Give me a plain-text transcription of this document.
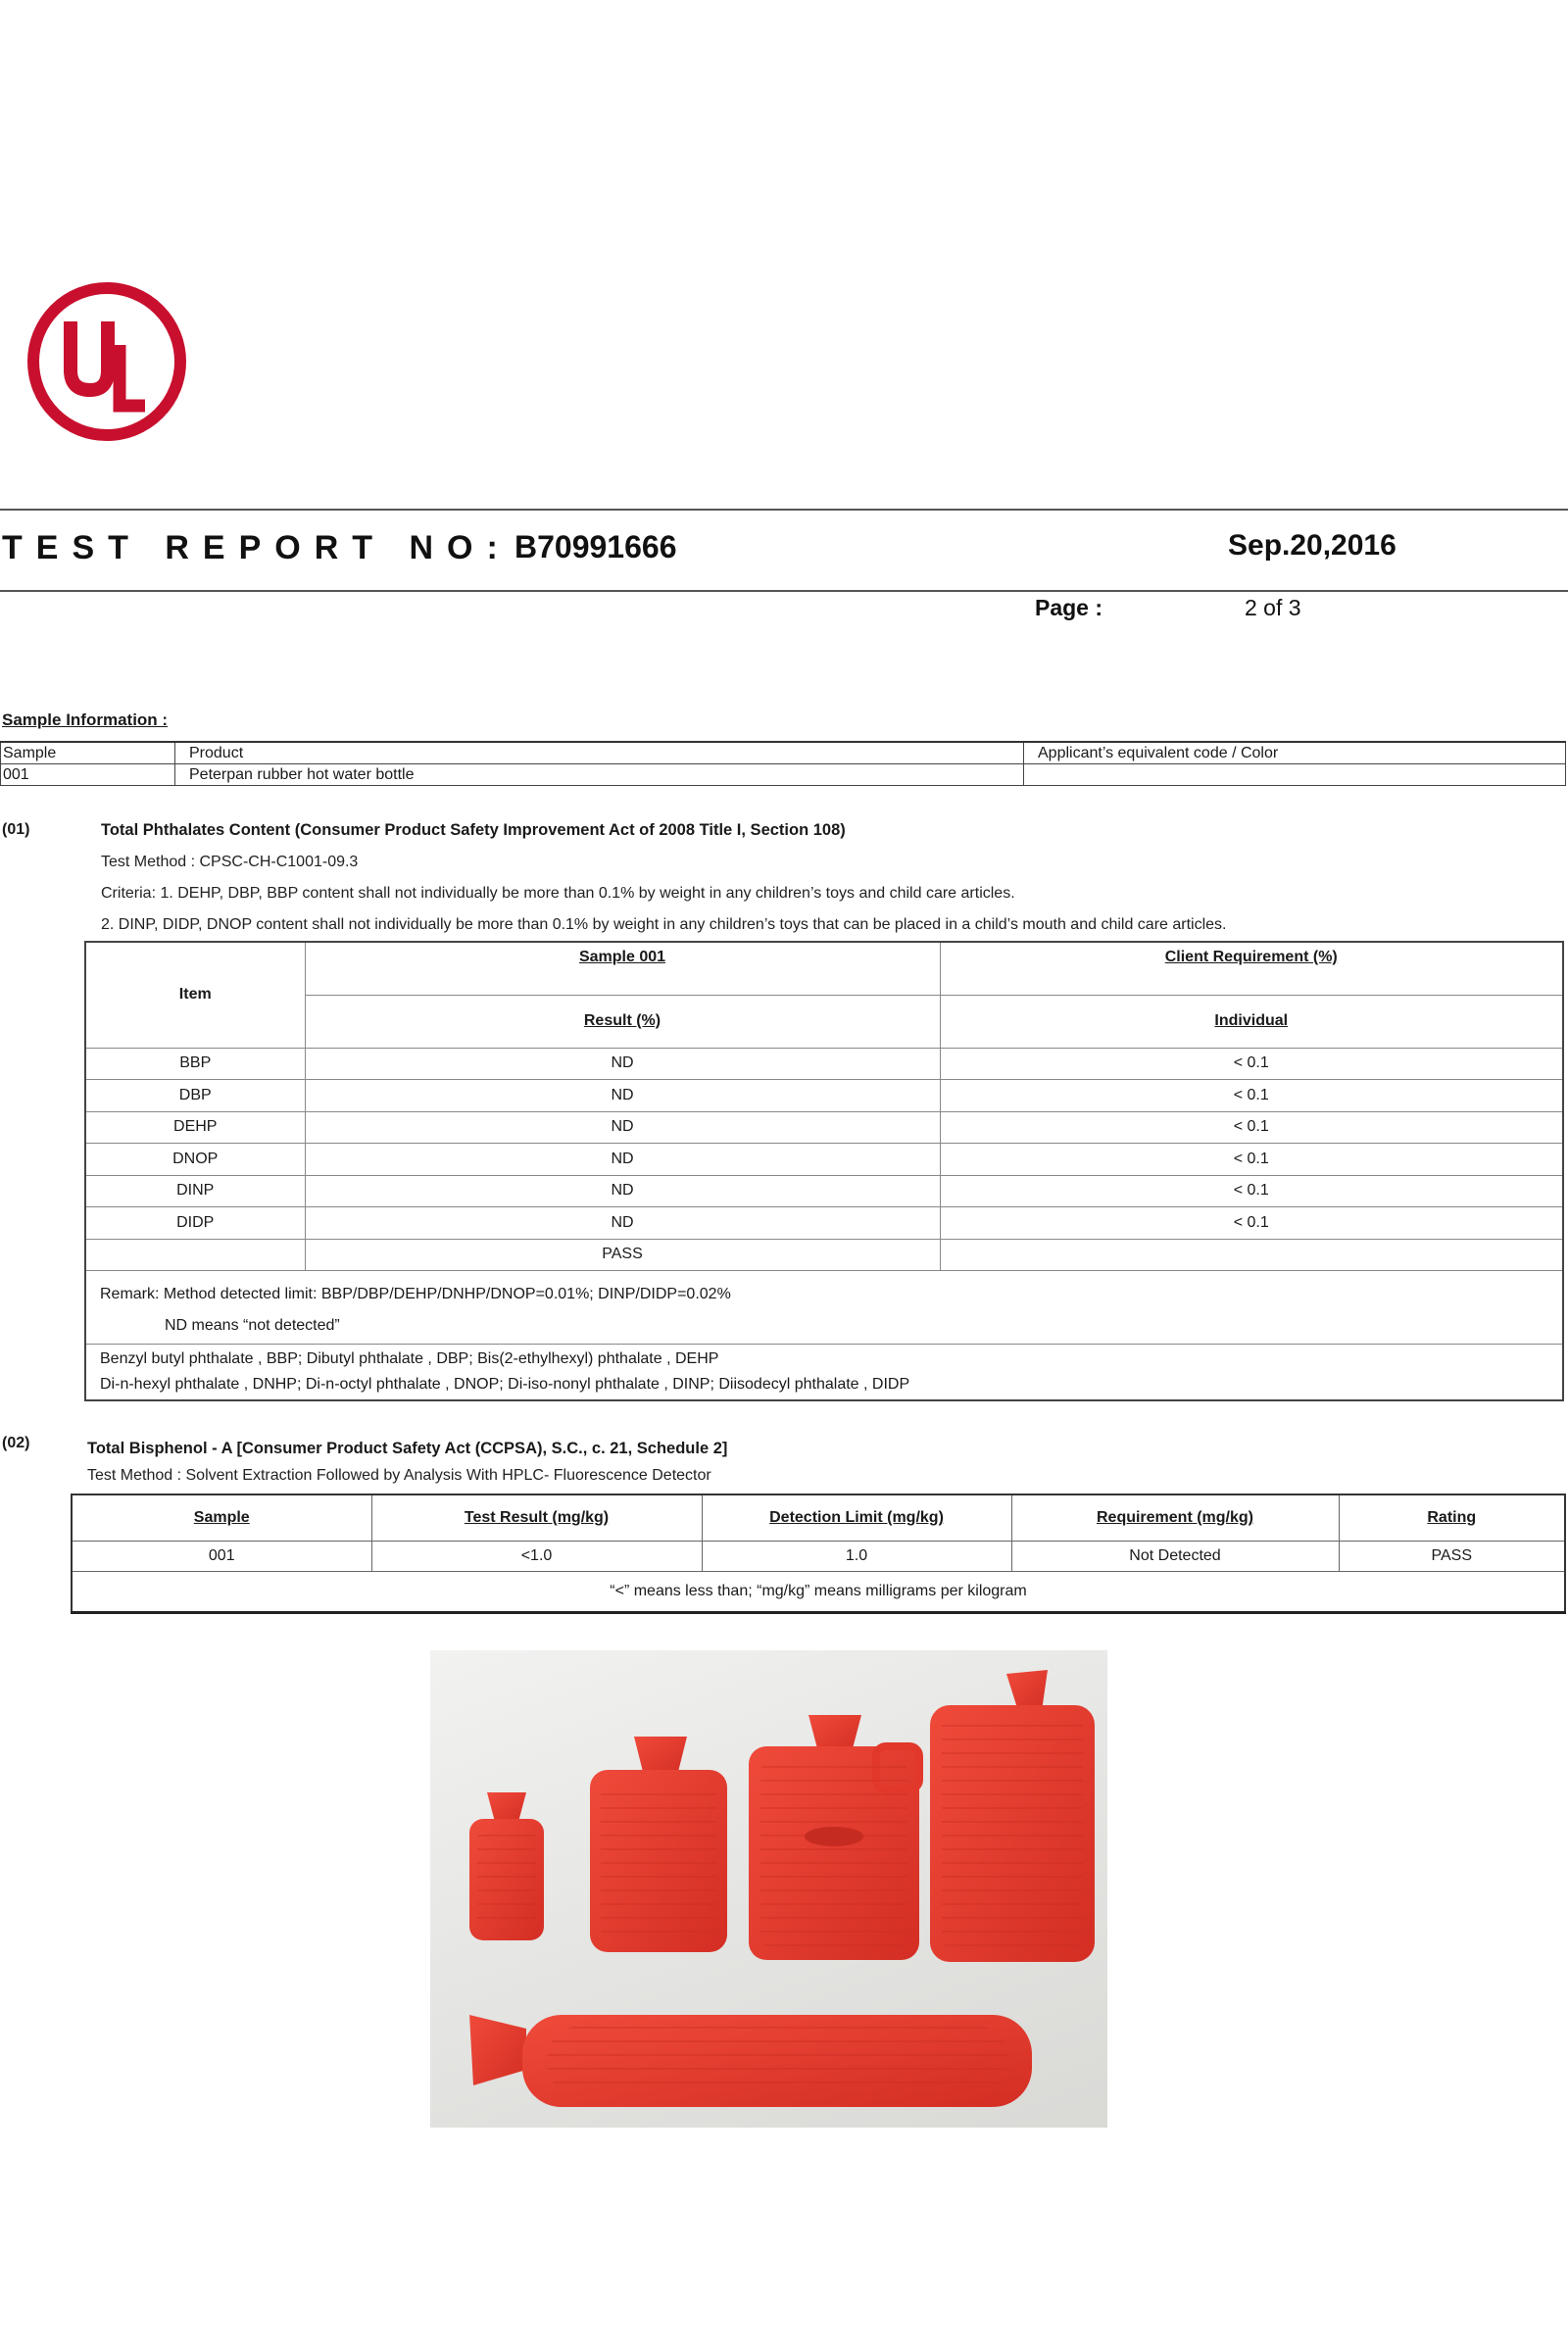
TEST REPORT NO: B70991666	Sep.20,2016
Page :	2 of 3
Sample Information :
Sample	Product	Applicant’s equivalent code / Color
001	Peterpan rubber hot water bottle	
(01)	Total Phthalates Content (Consumer Product Safety Improvement Act of 2008 Title I, Section 108)
Test Method : CPSC-CH-C1001-09.3
Criteria: 1. DEHP, DBP, BBP content shall not individually be more than 0.1% by weight in any children’s toys and child care articles.
2. DINP, DIDP, DNOP content shall not individually be more than 0.1% by weight in any children’s toys that can be placed in a child’s mouth and child care articles.
Item	Sample 001	Client Requirement (%)
	Result (%)	Individual
BBP	ND	< 0.1
DBP	ND	< 0.1
DEHP	ND	< 0.1
DNOP	ND	< 0.1
DINP	ND	< 0.1
DIDP	ND	< 0.1
	PASS	

Remark: Method detected limit: BBP/DBP/DEHP/DNHP/DNOP=0.01%; DINP/DIDP=0.02%
ND means “not detected”		

Benzyl butyl phthalate , BBP; Dibutyl phthalate , DBP; Bis(2-ethylhexyl) phthalate , DEHP
Di-n-hexyl phthalate , DNHP; Di-n-octyl phthalate , DNOP; Di-iso-nonyl phthalate , DINP; Diisodecyl phthalate , DIDP		
(02)	Total Bisphenol - A [Consumer Product Safety Act (CCPSA), S.C., c. 21, Schedule 2]
Test Method : Solvent Extraction Followed by Analysis With HPLC- Fluorescence Detector
Sample	Test Result (mg/kg)	Detection Limit (mg/kg)	Requirement (mg/kg)	Rating
001	<1.0	1.0	Not Detected	PASS
“<” means less than; “mg/kg” means milligrams per kilogram				
